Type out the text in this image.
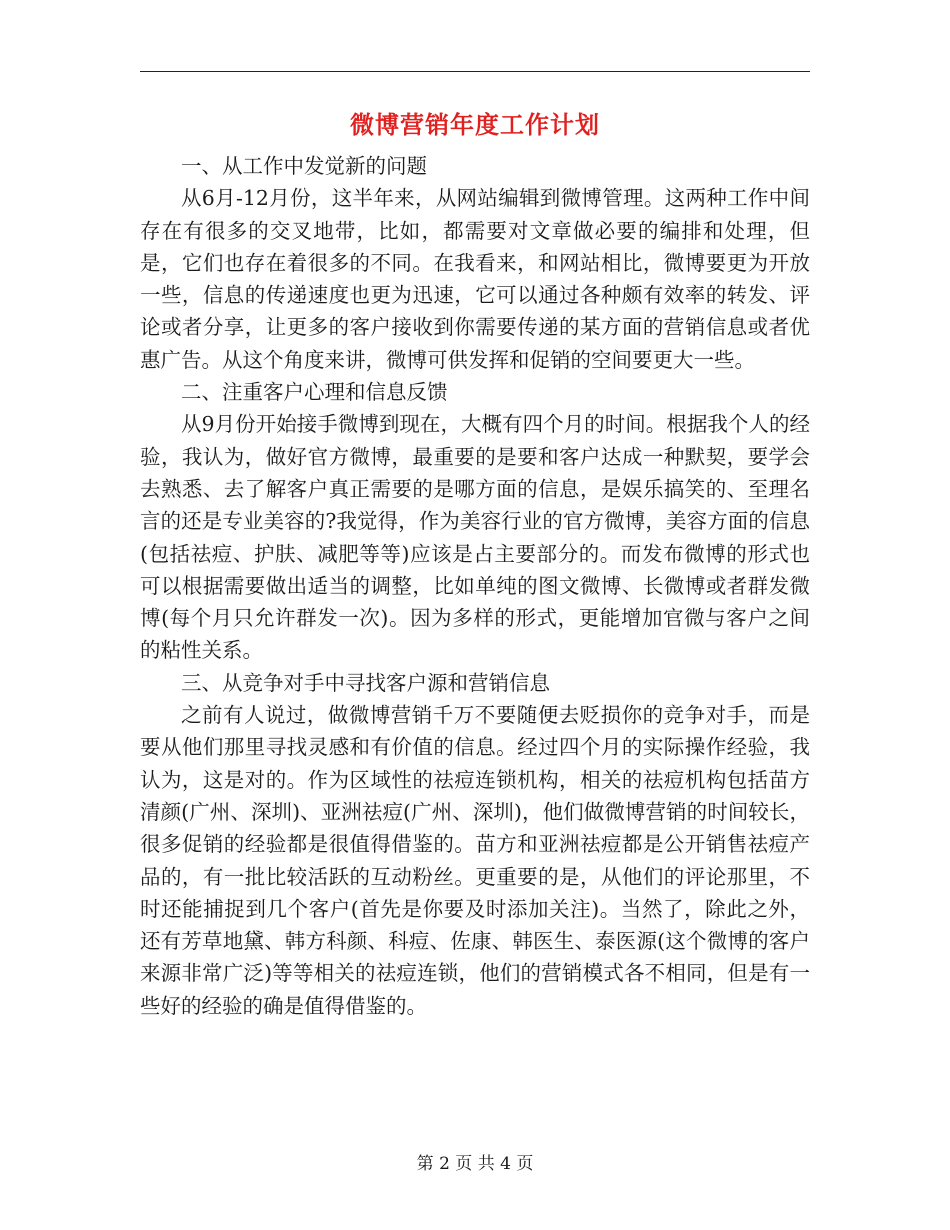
微博营销年度工作计划

一、从工作中发觉新的问题

从6月-12月份，这半年来，从网站编辑到微博管理。这两种工作中间存在有很多的交叉地带，比如，都需要对文章做必要的编排和处理，但是，它们也存在着很多的不同。在我看来，和网站相比，微博要更为开放一些，信息的传递速度也更为迅速，它可以通过各种颇有效率的转发、评论或者分享，让更多的客户接收到你需要传递的某方面的营销信息或者优惠广告。从这个角度来讲，微博可供发挥和促销的空间要更大一些。

二、注重客户心理和信息反馈

从9月份开始接手微博到现在，大概有四个月的时间。根据我个人的经验，我认为，做好官方微博，最重要的是要和客户达成一种默契，要学会去熟悉、去了解客户真正需要的是哪方面的信息，是娱乐搞笑的、至理名言的还是专业美容的?我觉得，作为美容行业的官方微博，美容方面的信息(包括祛痘、护肤、减肥等等)应该是占主要部分的。而发布微博的形式也可以根据需要做出适当的调整，比如单纯的图文微博、长微博或者群发微博(每个月只允许群发一次)。因为多样的形式，更能增加官微与客户之间的粘性关系。

三、从竞争对手中寻找客户源和营销信息

之前有人说过，做微博营销千万不要随便去贬损你的竞争对手，而是要从他们那里寻找灵感和有价值的信息。经过四个月的实际操作经验，我认为，这是对的。作为区域性的祛痘连锁机构，相关的祛痘机构包括苗方清颜(广州、深圳)、亚洲祛痘(广州、深圳)，他们做微博营销的时间较长，很多促销的经验都是很值得借鉴的。苗方和亚洲祛痘都是公开销售祛痘产品的，有一批比较活跃的互动粉丝。更重要的是，从他们的评论那里，不时还能捕捉到几个客户(首先是你要及时添加关注)。当然了，除此之外，还有芳草地黛、韩方科颜、科痘、佐康、韩医生、泰医源(这个微博的客户来源非常广泛)等等相关的祛痘连锁，他们的营销模式各不相同，但是有一些好的经验的确是值得借鉴的。

第 2 页 共 4 页
